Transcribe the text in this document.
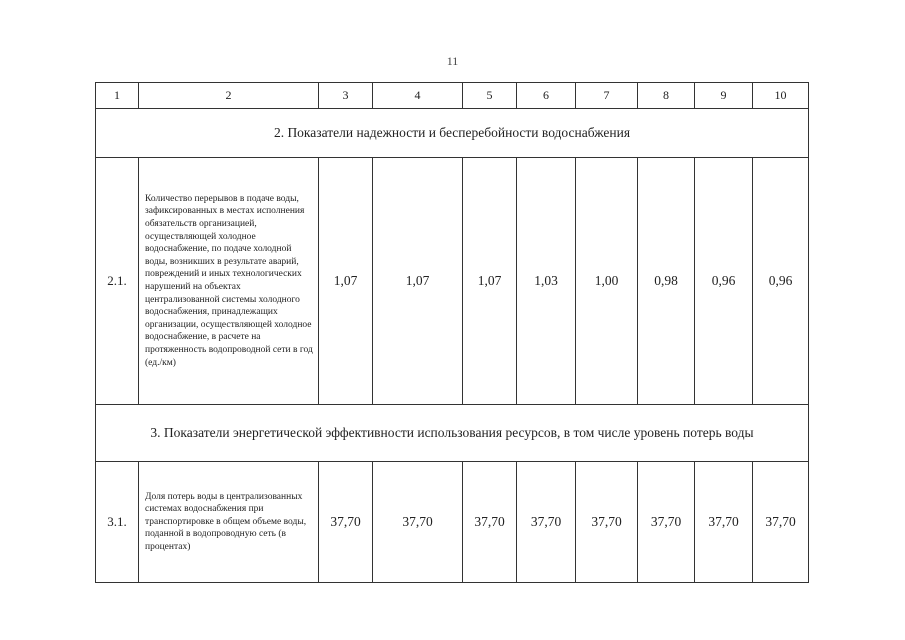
11
1	2	3	4	5	6	7	8	9	10
2. Показатели надежности и бесперебойности водоснабжения									
2.1.	Количество перерывов в подаче воды, зафиксированных в местах исполнения обязательств организацией, осуществляющей холодное водоснабжение, по подаче холодной воды, возникших в результате аварий, повреждений и иных технологических нарушений на объектах централизованной системы холодного водоснабжения, принадлежащих организации, осуществляющей холодное водоснабжение, в расчете на протяженность водопроводной сети в год (ед./км)	1,07	1,07	1,07	1,03	1,00	0,98	0,96	0,96
3. Показатели энергетической эффективности использования ресурсов, в том числе уровень потерь воды									
3.1.	Доля потерь воды в централизованных системах водоснабжения при транспортировке в общем объеме воды, поданной в водопроводную сеть (в процентах)	37,70	37,70	37,70	37,70	37,70	37,70	37,70	37,70
